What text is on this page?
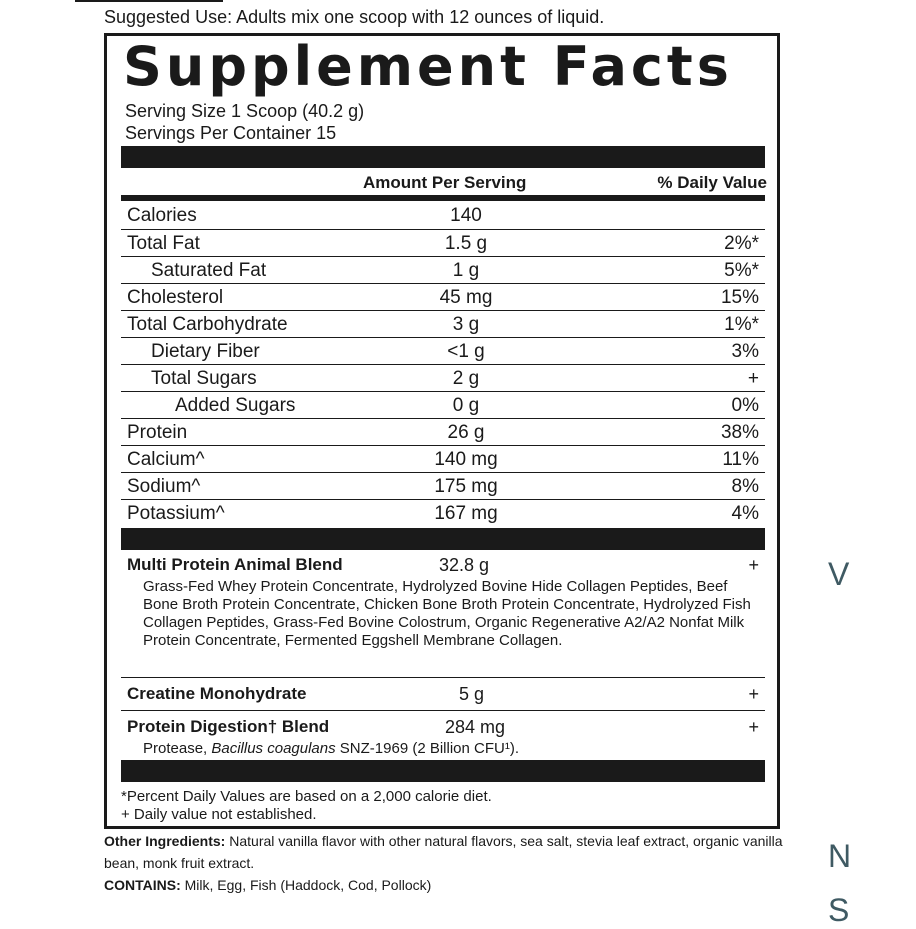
Suggested Use: Adults mix one scoop with 12 ounces of liquid.
Supplement Facts
Serving Size 1 Scoop (40.2 g)
Servings Per Container 15
Amount Per Serving	% Daily Value
Calories	140
Total Fat	1.5 g	2%*
Saturated Fat	1 g	5%*
Cholesterol	45 mg	15%
Total Carbohydrate	3 g	1%*
Dietary Fiber	<1 g	3%
Total Sugars	2 g	+
Added Sugars	0 g	0%
Protein	26 g	38%
Calcium^	140 mg	11%
Sodium^	175 mg	8%
Potassium^	167 mg	4%
Multi Protein Animal Blend	32.8 g	+
Grass-Fed Whey Protein Concentrate, Hydrolyzed Bovine Hide Collagen Peptides, Beef Bone Broth Protein Concentrate, Chicken Bone Broth Protein Concentrate, Hydrolyzed Fish Collagen Peptides, Grass-Fed Bovine Colostrum, Organic Regenerative A2/A2 Nonfat Milk Protein Concentrate, Fermented Eggshell Membrane Collagen.
Creatine Monohydrate	5 g	+
Protein Digestion† Blend	284 mg	+
Protease, Bacillus coagulans SNZ-1969 (2 Billion CFU¹).
*Percent Daily Values are based on a 2,000 calorie diet.
+ Daily value not established.
Other Ingredients: Natural vanilla flavor with other natural flavors, sea salt, stevia leaf extract, organic vanilla bean, monk fruit extract.
CONTAINS: Milk, Egg, Fish (Haddock, Cod, Pollock)
V
N
S
